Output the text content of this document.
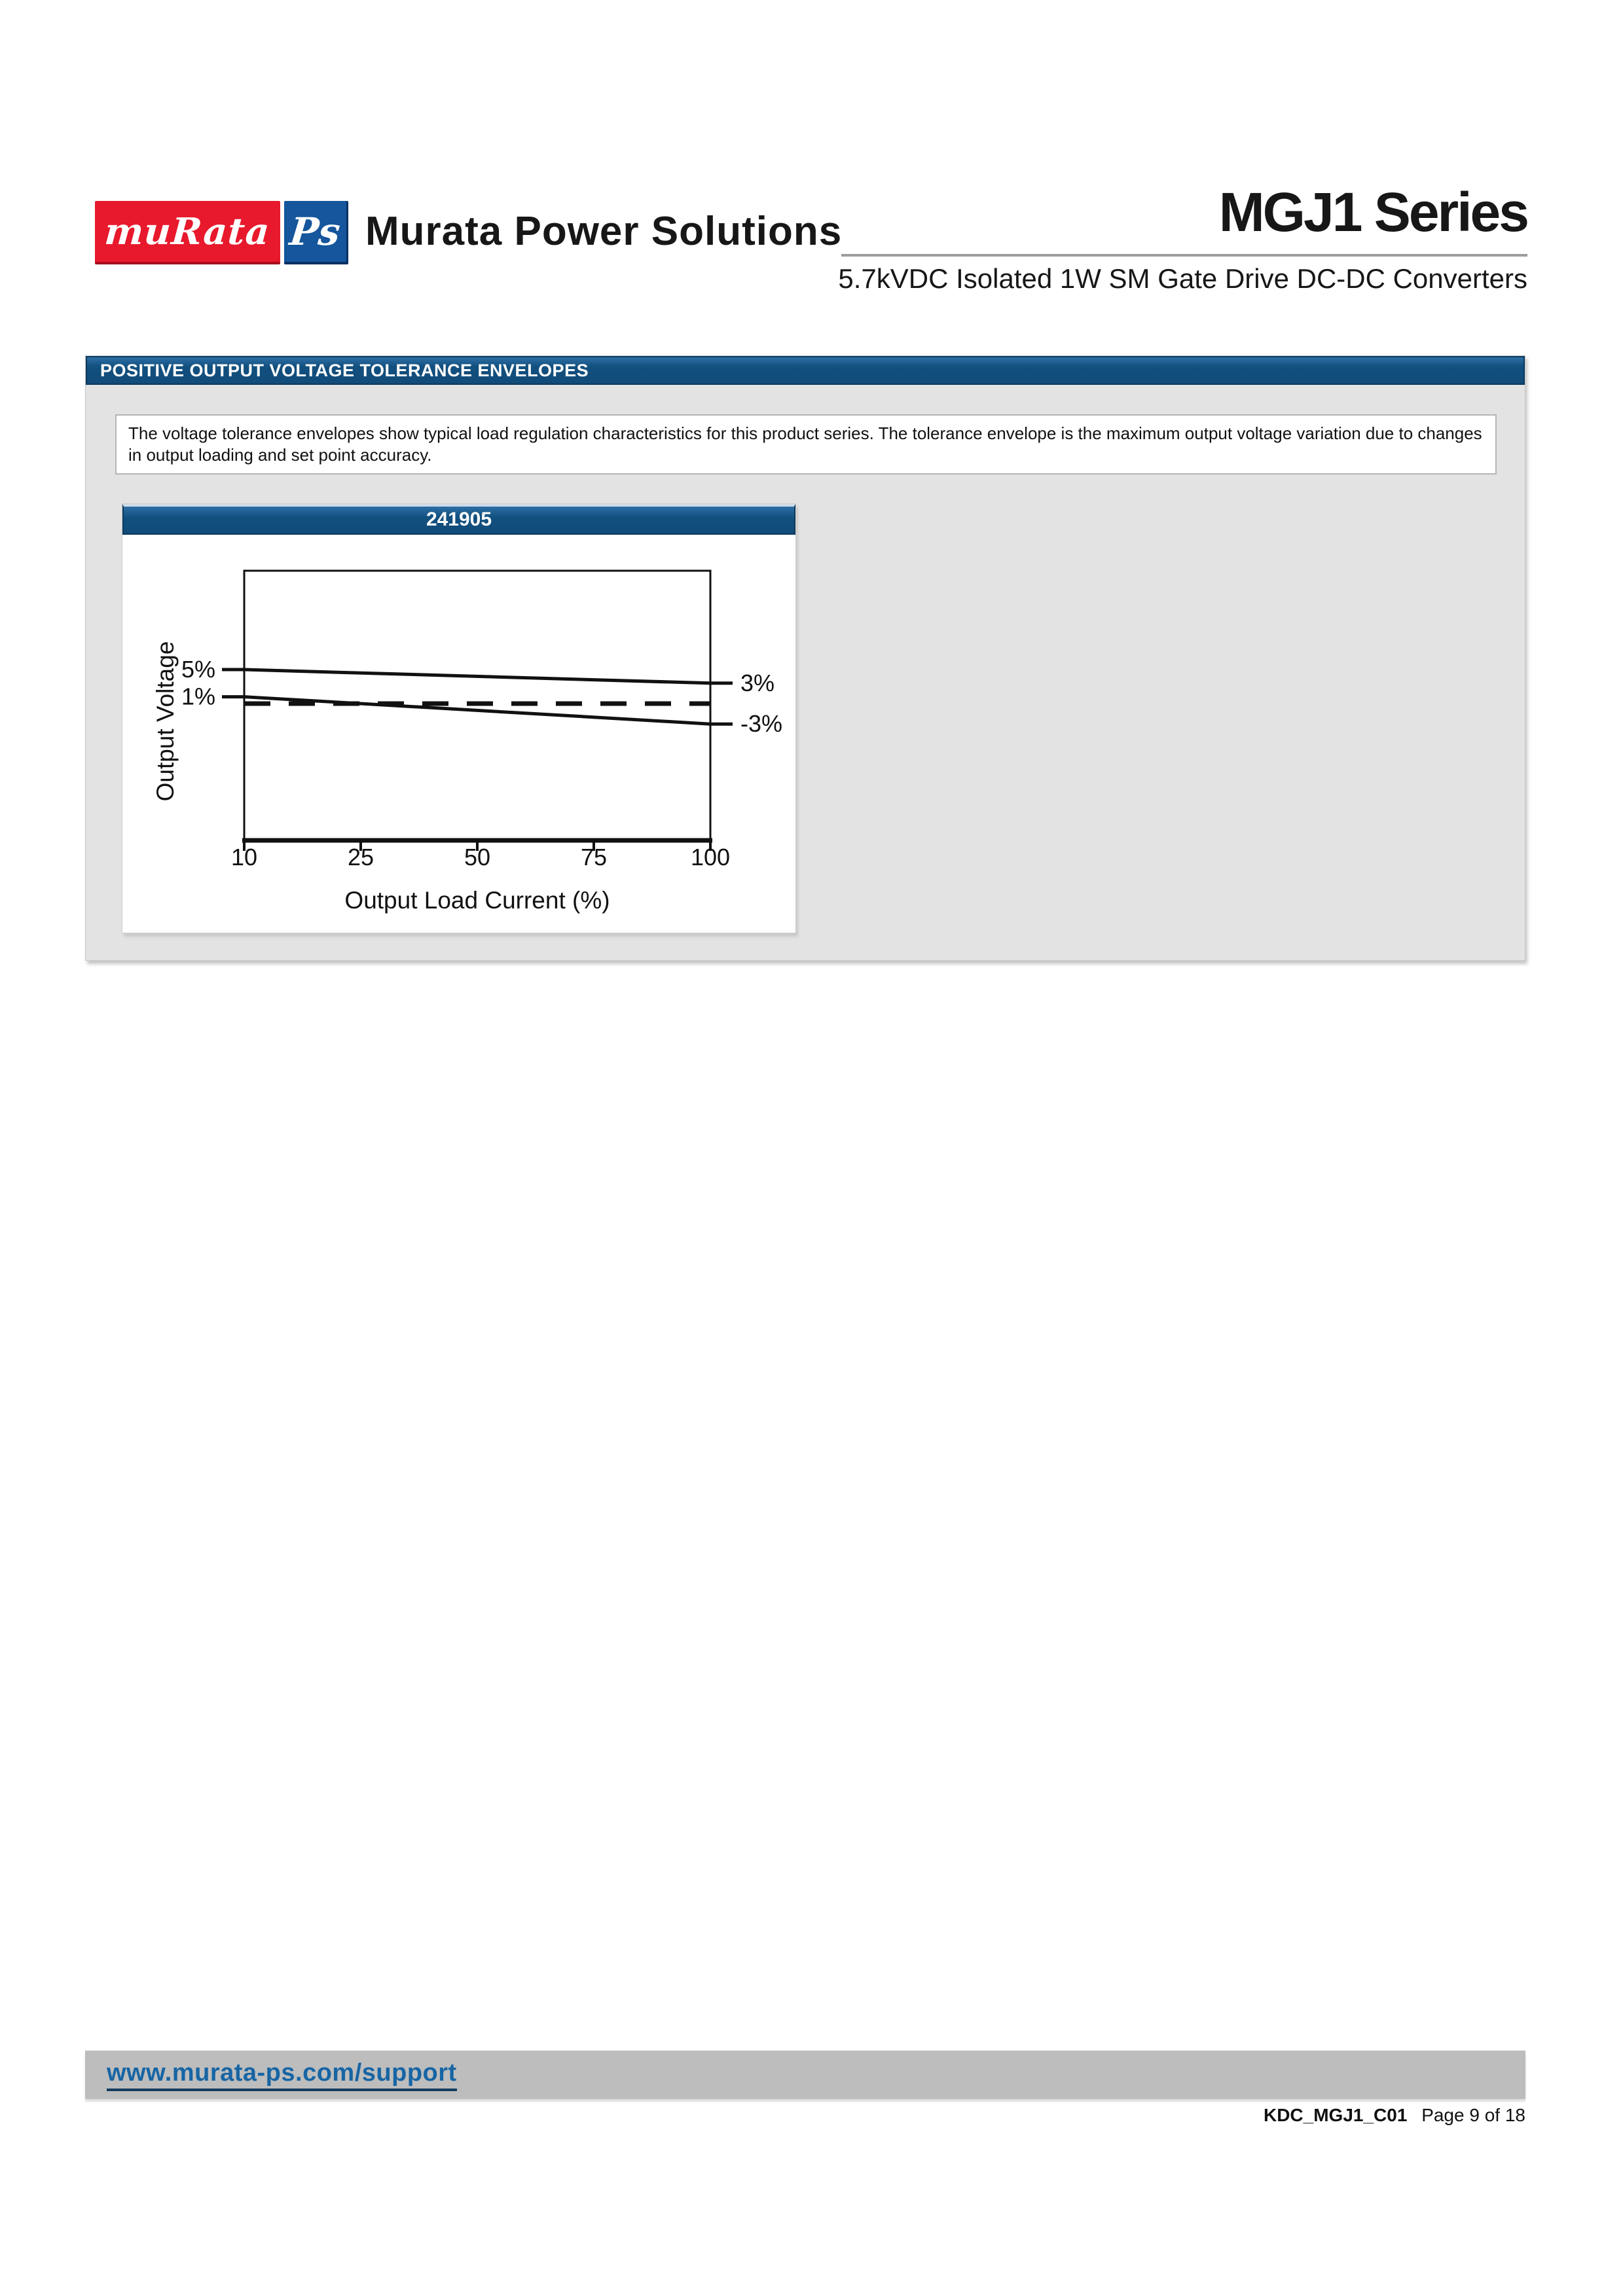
muRata Ps Murata Power Solutions	MGJ1 Series
5.7kVDC Isolated 1W SM Gate Drive DC-DC Converters
POSITIVE OUTPUT VOLTAGE TOLERANCE ENVELOPES
The voltage tolerance envelopes show typical load regulation characteristics for this product series. The tolerance envelope is the maximum output voltage variation due to changes in output loading and set point accuracy.
241905
5%
1%
3%
-3%
10	25	50	75	100
Output Load Current (%)
Output Voltage
www.murata-ps.com/support
KDC_MGJ1_C01 Page 9 of 18
